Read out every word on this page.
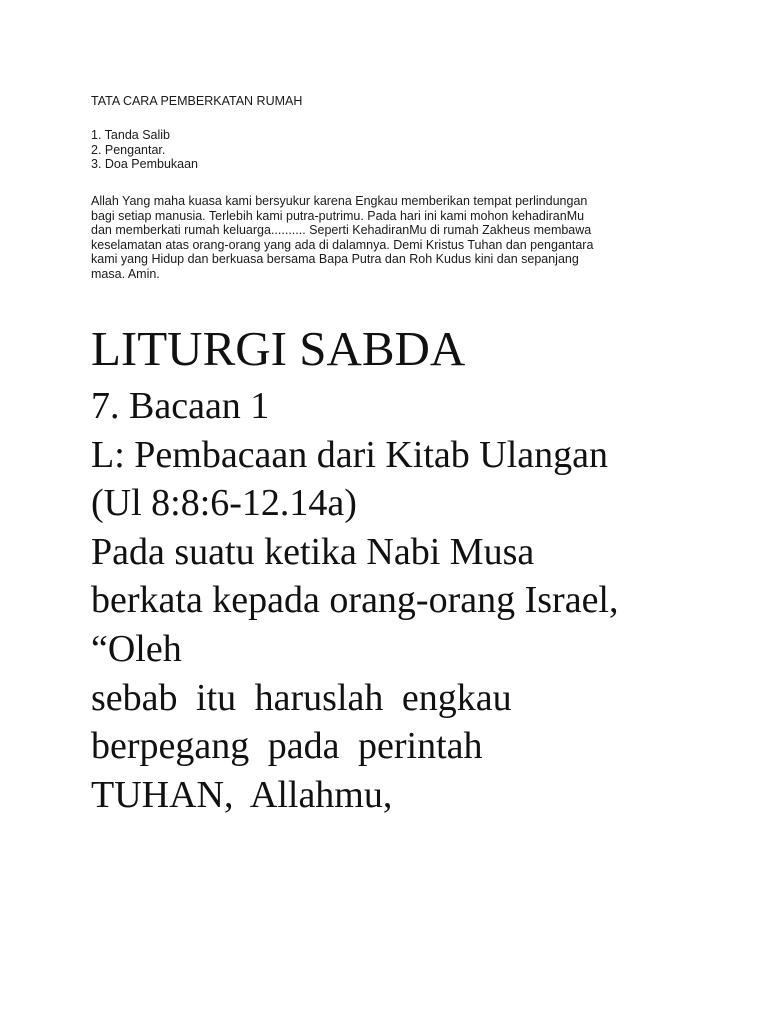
TATA CARA PEMBERKATAN RUMAH
1. Tanda Salib
2. Pengantar.
3. Doa Pembukaan

Allah Yang maha kuasa kami bersyukur karena Engkau memberikan tempat perlindungan
bagi setiap manusia. Terlebih kami putra-putrimu. Pada hari ini kami mohon kehadiranMu
dan memberkati rumah keluarga.......... Seperti KehadiranMu di rumah Zakheus membawa
keselamatan atas orang-orang yang ada di dalamnya. Demi Kristus Tuhan dan pengantara
kami yang Hidup dan berkuasa bersama Bapa Putra dan Roh Kudus kini dan sepanjang
masa. Amin.

LITURGI SABDA
7. Bacaan 1
L: Pembacaan dari Kitab Ulangan
(Ul 8:8:6-12.14a)
Pada suatu ketika Nabi Musa
berkata kepada orang-orang Israel,
“Oleh
sebab itu haruslah engkau
berpegang pada perintah
TUHAN, Allahmu,
